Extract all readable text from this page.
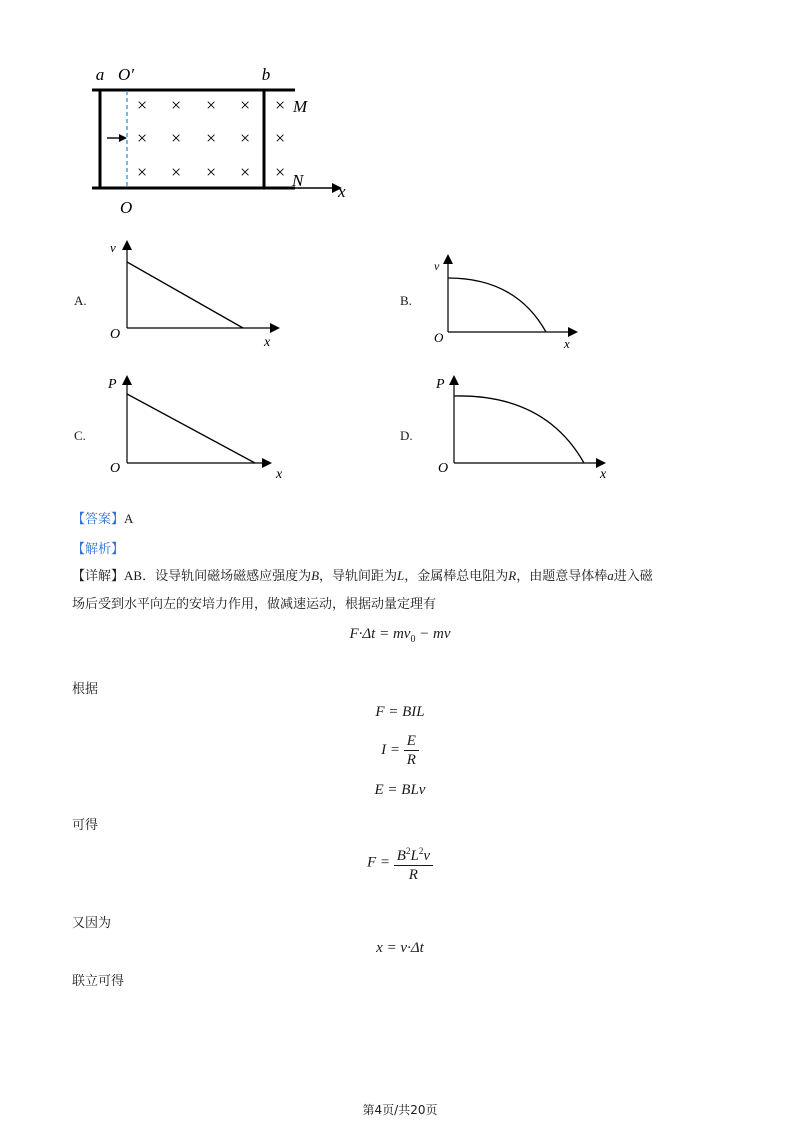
× × × × ×
× × × × ×
× × × × ×
a O′	b
M
N
O
x
A.
v
O
x
B.
v
O	x
C.
P
O	x
D.
P
O	x
【答案】A
【解析】
【详解】AB．设导轨间磁场磁感应强度为B，导轨间距为L，金属棒总电阻为R，由题意导体棒a进入磁
场后受到水平向左的安培力作用，做减速运动，根据动量定理有
$F\cdot\Delta t = mv_0$ − mv
根据
F = BIL
$I = \frac{E}{R}$
E = BLv
可得
$F = \frac{B^2L^2v}{R}$
又因为
x = v·Δt
联立可得
第4页/共20页
